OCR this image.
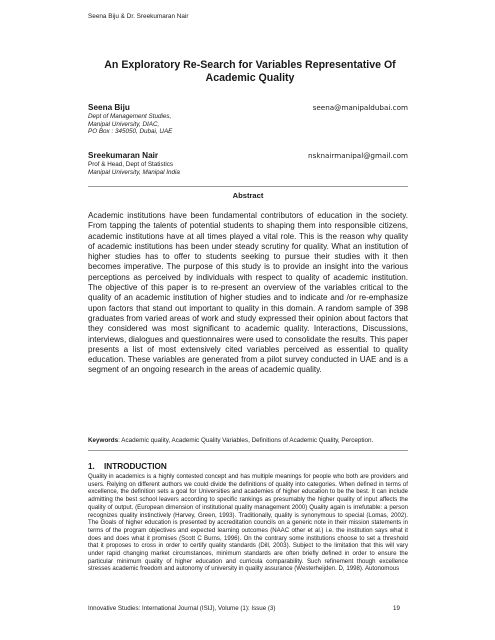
Seena Biju & Dr. Sreekumaran Nair
An Exploratory Re-Search for Variables Representative Of
Academic Quality
Seena Biju	seena@manipaldubai.com
Dept of Management Studies,
Manipal University, DIAC,
PO Box : 345050, Dubai, UAE
Sreekumaran Nair	nsknairmanipal@gmail.com
Prof & Head, Dept of Statistics
Manipal University, Manipal India
Abstract

Academic institutions have been fundamental contributors of education in the society. From tapping the talents of potential students to shaping them into responsible citizens, academic institutions have at all times played a vital role. This is the reason why quality of academic institutions has been under steady scrutiny for quality. What an institution of higher studies has to offer to students seeking to pursue their studies with it then becomes imperative. The purpose of this study is to provide an insight into the various perceptions as perceived by individuals with respect to quality of academic institution. The objective of this paper is to re-present an overview of the variables critical to the quality of an academic institution of higher studies and to indicate and /or re-emphasize upon factors that stand out important to quality in this domain. A random sample of 398 graduates from varied areas of work and study expressed their opinion about factors that they considered was most significant to academic quality. Interactions, Discussions, interviews, dialogues and questionnaires were used to consolidate the results. This paper presents a list of most extensively cited variables perceived as essential to quality education. These variables are generated from a pilot survey conducted in UAE and is a segment of an ongoing research in the areas of academic quality.

Keywords: Academic quality, Academic Quality Variables, Definitions of Academic Quality, Perception.

1. INTRODUCTION

Quality in academics is a highly contested concept and has multiple meanings for people who both are providers and users. Relying on different authors we could divide the definitions of quality into categories. When defined in terms of excellence, the definition sets a goal for Universities and academies of higher education to be the best. It can include admitting the best school leavers according to specific rankings as presumably the higher quality of input affects the quality of output. (European dimension of institutional quality management 2000) Quality again is irrefutable: a person recognizes quality instinctively (Harvey, Green, 1993). Traditionally, quality is synonymous to special (Lomas, 2002). The Goals of higher education is presented by accreditation councils on a generic note in their mission statements in terms of the program objectives and expected learning outcomes (NAAC other et al.) i.e. the institution says what it does and does what it promises (Scott C Burns, 1996). On the contrary some institutions choose to set a threshold that it proposes to cross in order to certify quality standards (Dill, 2003). Subject to the limitation that this will vary under rapid changing market circumstances, minimum standards are often briefly defined in order to ensure the particular minimum quality of higher education and curricula comparability. Such refinement though excellence stresses academic freedom and autonomy of university in quality assurance (Westerheijden. D, 1998). Autonomous

Innovative Studies: International Journal (ISIJ), Volume (1): Issue (3)	19
